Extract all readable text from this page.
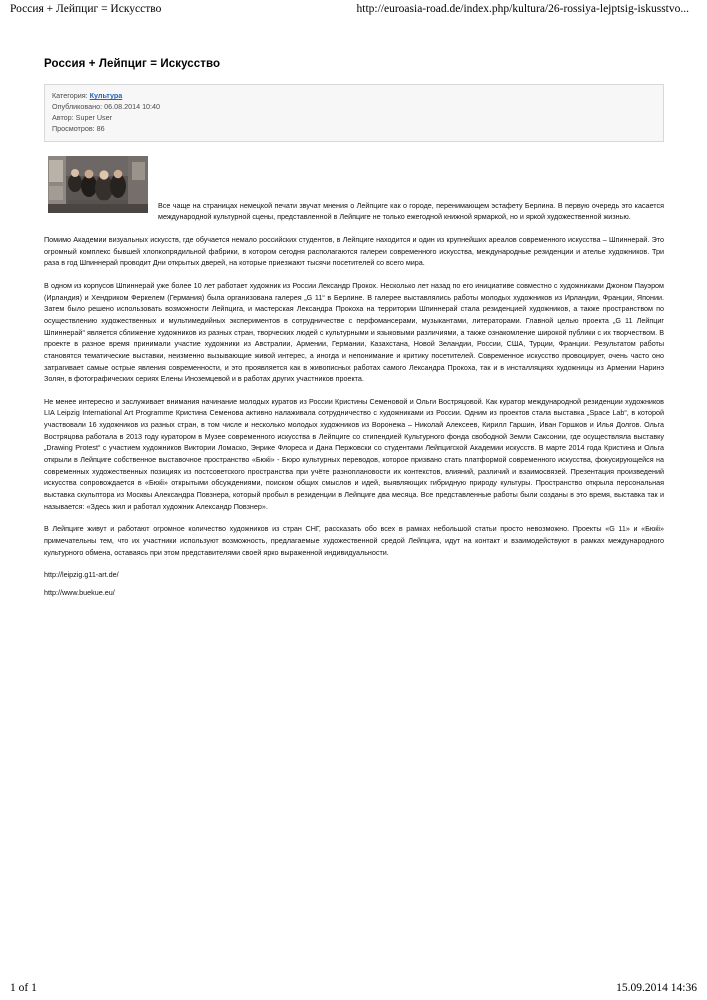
Россия + Лейпциг = Искусство	http://euroasia-road.de/index.php/kultura/26-rossiya-lejptsig-iskusstvo...
Россия + Лейпциг = Искусство
Категория: Культура
Опубликовано: 06.08.2014 10:40
Автор: Super User
Просмотров: 86

Все чаще на страницах немецкой печати звучат мнения о Лейпциге как о городе, перенимающем эстафету Берлина. В первую очередь это касается международной культурной сцены, представленной в Лейпциге не только ежегодной книжной ярмаркой, но и яркой художественной жизнью.

Помимо Академии визуальных искусств, где обучается немало российских студентов, в Лейпциге находится и один из крупнейших ареалов современного искусства – Шпиннерай. Это огромный комплекс бывшей хлопкопрядильной фабрики, в котором сегодня располагаются галереи современного искусства, международные резиденции и ателье художников. Три раза в год Шпиннерай проводит Дни открытых дверей, на которые приезжают тысячи посетителей со всего мира.

В одном из корпусов Шпиннерай уже более 10 лет работает художник из России Лександр Прокох. Несколько лет назад по его инициативе совместно с художниками Джоном Пауэром (Ирландия) и Хендриком Феркелем (Германия) была организована галерея „G 11“ в Берлине. В галерее выставлялись работы молодых художников из Ирландии, Франции, Японии. Затем было решено использовать возможности Лейпцига, и мастерская Лександра Прокоха на территории Шпиннерай стала резиденцией художников, а также пространством по осуществлению художественных и мультимедийных экспериментов в сотрудничестве с перфомансерами, музыкантами, литераторами. Главной целью проекта „G 11 Лейпциг Шпиннерай“ является сближение художников из разных стран, творческих людей с культурными и языковыми различиями, а также ознакомление широкой публики с их творчеством. В проекте в разное время принимали участие художники из Австралии, Армении, Германии, Казахстана, Новой Зеландии, России, США, Турции, Франции. Результатом работы становятся тематические выставки, неизменно вызывающие живой интерес, а иногда и непонимание и критику посетителей. Современное искусство провоцирует, очень часто оно затрагивает самые острые явления современности, и это проявляется как в живописных работах самого Лександра Прокоха, так и в инсталляциях художницы из Армении Наринэ Золян, в фотографических сериях Елены Иноземцевой и в работах других участников проекта.

Не менее интересно и заслуживает внимания начинание молодых куратов из России Кристины Семеновой и Ольги Востряцовой. Как куратор международной резиденции художников LIA Leipzig International Art Programme Кристина Семенова активно налаживала сотрудничество с художниками из России. Одним из проектов стала выставка „Space Lab“, в которой участвовали 16 художников из разных стран, в том числе и несколько молодых художников из Воронежа – Николай Алексеев, Кирилл Гаршин, Иван Горшков и Илья Долгов. Ольга Востряцова работала в 2013 году куратором в Музее современного искусства в Лейпциге со стипендией Культурного фонда свободной Земли Саксонии, где осуществляла выставку „Drawing Protest“ с участием художников Виктории Ломаско, Энрике Флореса и Дана Пержовски со студентами Лейпцигской Академии искусств. В марте 2014 года Кристина и Ольга открыли в Лейпциге собственное выставочное пространство «Бюќі» - Бюро культурных переводов, которое призвано стать платформой современного искусства, фокусирующейся на современных художественных позициях из постсоветского пространства при учёте разноплановости их контекстов, влияний, различий и взаимосвязей. Презентация произведений искусства сопровождается в «Бюќі» открытыми обсуждениями, поиском общих смыслов и идей, выявляющих гибридную природу культуры. Пространство открыла персональная выставка скульптора из Москвы Александра Повзнера, который пробыл в резиденции в Лейпциге два месяца. Все представленные работы были созданы в это время, выставка так и называется: «Здесь жил и работал художник Александр Повзнер».

В Лейпциге живут и работают огромное количество художников из стран СНГ, рассказать обо всех в рамках небольшой статьи просто невозможно. Проекты «G 11» и «Бюќі» примечательны тем, что их участники используют возможность, предлагаемые художественной средой Лейпцига, идут на контакт и взаимодействуют в рамках международного культурного обмена, оставаясь при этом представителями своей ярко выраженной индивидуальности.

http://leipzig.g11-art.de/

http://www.buekue.eu/

1 of 1	15.09.2014 14:36
